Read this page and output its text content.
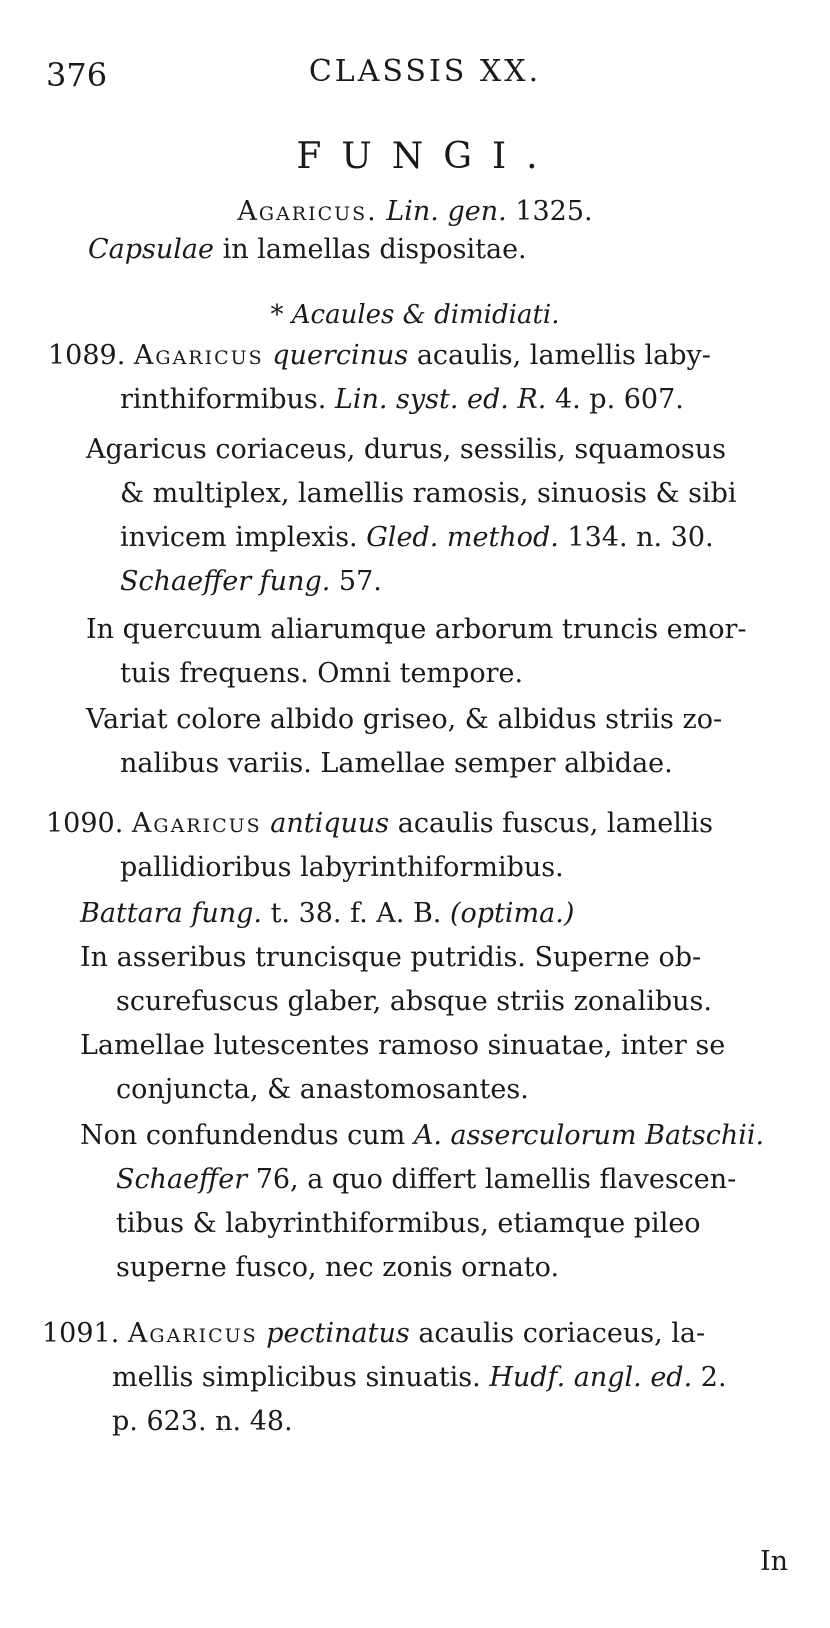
376	CLASSIS XX.
FUNGI.
Agaricus. Lin. gen. 1325.
Capsulae in lamellas dispositae.
* Acaules & dimidiati.
1089. Agaricus quercinus acaulis, lamellis laby-
rinthiformibus. Lin. syst. ed. R. 4. p. 607.
Agaricus coriaceus, durus, sessilis, squamosus
& multiplex, lamellis ramosis, sinuosis & sibi
invicem implexis. Gled. method. 134. n. 30.
Schaeffer fung. 57.
In quercuum aliarumque arborum truncis emor-
tuis frequens. Omni tempore.
Variat colore albido griseo, & albidus striis zo-
nalibus variis. Lamellae semper albidae.
1090. Agaricus antiquus acaulis fuscus, lamellis
pallidioribus labyrinthiformibus.
Battara fung. t. 38. f. A. B. (optima.)
In asseribus truncisque putridis. Superne ob-
scurefuscus glaber, absque striis zonalibus.
Lamellae lutescentes ramoso sinuatae, inter se
conjuncta, & anastomosantes.
Non confundendus cum A. asserculorum Batschii.
Schaeffer 76, a quo differt lamellis flavescen-
tibus & labyrinthiformibus, etiamque pileo
superne fusco, nec zonis ornato.
1091. Agaricus pectinatus acaulis coriaceus, la-
mellis simplicibus sinuatis. Hudf. angl. ed. 2.
p. 623. n. 48.
In
